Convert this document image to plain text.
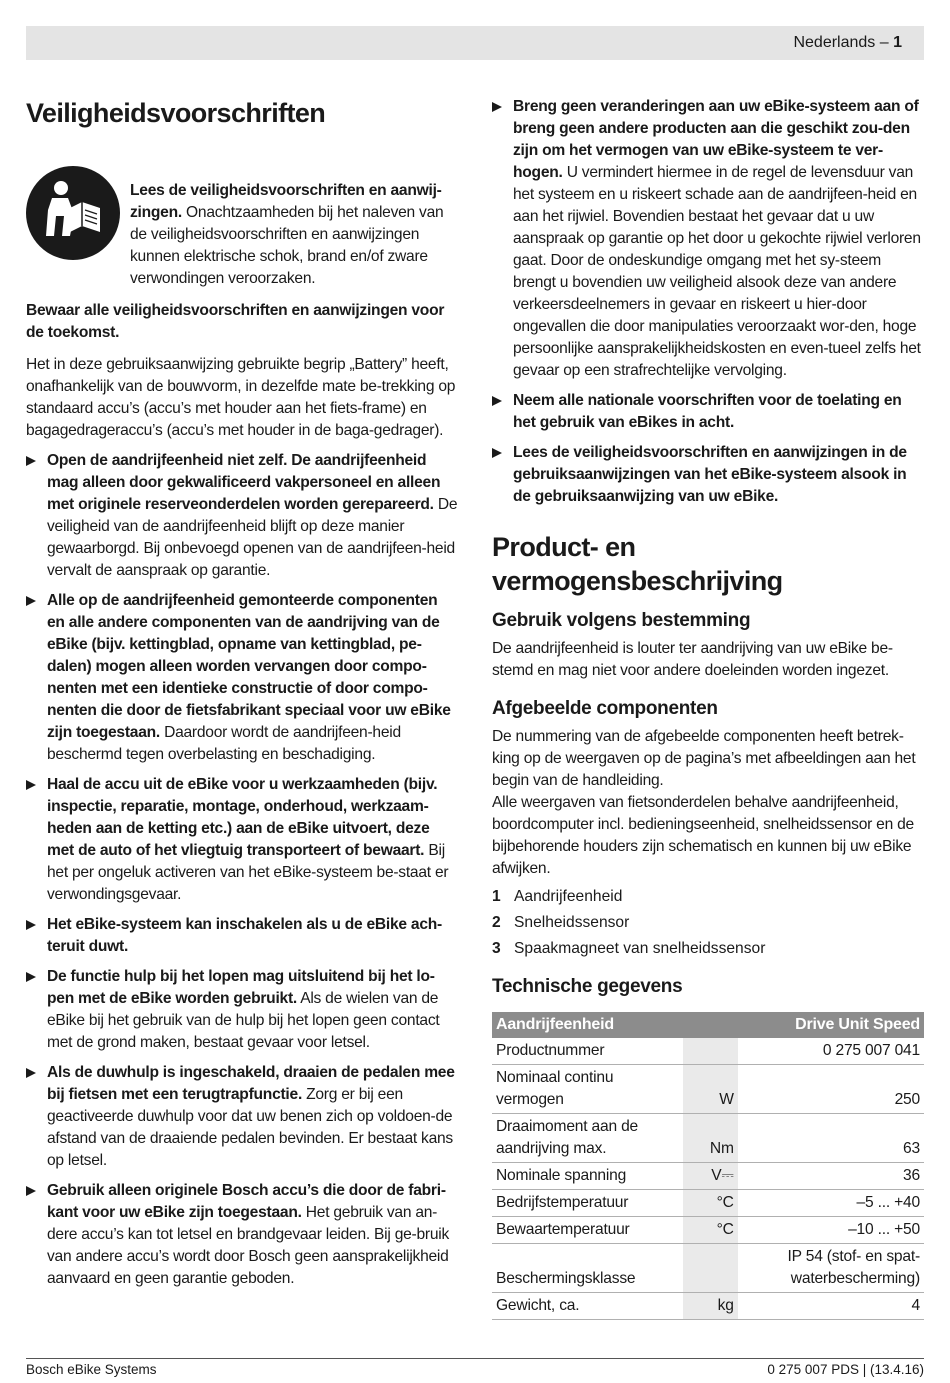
Nederlands – 1
Veiligheidsvoorschriften

Lees de veiligheidsvoorschriften en aanwij-zingen. Onachtzaamheden bij het naleven van de veiligheidsvoorschriften en aanwijzingen kunnen elektrische schok, brand en/of zware verwondingen veroorzaken.

Bewaar alle veiligheidsvoorschriften en aanwijzingen voor de toekomst.

Het in deze gebruiksaanwijzing gebruikte begrip „Battery” heeft, onafhankelijk van de bouwvorm, in dezelfde mate be-trekking op standaard accu’s (accu’s met houder aan het fiets-frame) en bagagedrageraccu’s (accu’s met houder in de baga-gedrager).

Open de aandrijfeenheid niet zelf. De aandrijfeenheid mag alleen door gekwalificeerd vakpersoneel en alleen met originele reserveonderdelen worden gerepareerd. De veiligheid van de aandrijfeenheid blijft op deze manier gewaarborgd. Bij onbevoegd openen van de aandrijfeen-heid vervalt de aanspraak op garantie.

Alle op de aandrijfeenheid gemonteerde componenten en alle andere componenten van de aandrijving van de eBike (bijv. kettingblad, opname van kettingblad, pe-dalen) mogen alleen worden vervangen door compo-nenten met een identieke constructie of door compo-nenten die door de fietsfabrikant speciaal voor uw eBike zijn toegestaan. Daardoor wordt de aandrijfeen-heid beschermd tegen overbelasting en beschadiging.

Haal de accu uit de eBike voor u werkzaamheden (bijv. inspectie, reparatie, montage, onderhoud, werkzaam-heden aan de ketting etc.) aan de eBike uitvoert, deze met de auto of het vliegtuig transporteert of bewaart. Bij het per ongeluk activeren van het eBike-systeem be-staat er verwondingsgevaar.

Het eBike-systeem kan inschakelen als u de eBike ach-teruit duwt.

De functie hulp bij het lopen mag uitsluitend bij het lo-pen met de eBike worden gebruikt. Als de wielen van de eBike bij het gebruik van de hulp bij het lopen geen contact met de grond maken, bestaat gevaar voor letsel.

Als de duwhulp is ingeschakeld, draaien de pedalen mee bij fietsen met een terugtrapfunctie. Zorg er bij een geactiveerde duwhulp voor dat uw benen zich op voldoen-de afstand van de draaiende pedalen bevinden. Er bestaat kans op letsel.

Gebruik alleen originele Bosch accu’s die door de fabri-kant voor uw eBike zijn toegestaan. Het gebruik van an-dere accu’s kan tot letsel en brandgevaar leiden. Bij ge-bruik van andere accu’s wordt door Bosch geen aansprakelijkheid aanvaard en geen garantie geboden.

Breng geen veranderingen aan uw eBike-systeem aan of breng geen andere producten aan die geschikt zou-den zijn om het vermogen van uw eBike-systeem te ver-hogen. U vermindert hiermee in de regel de levensduur van het systeem en u riskeert schade aan de aandrijfeen-heid en aan het rijwiel. Bovendien bestaat het gevaar dat u uw aanspraak op garantie op het door u gekochte rijwiel verloren gaat. Door de ondeskundige omgang met het sy-steem brengt u bovendien uw veiligheid alsook deze van andere verkeersdeelnemers in gevaar en riskeert u hier-door ongevallen die door manipulaties veroorzaakt wor-den, hoge persoonlijke aansprakelijkheidskosten en even-tueel zelfs het gevaar op een strafrechtelijke vervolging.

Neem alle nationale voorschriften voor de toelating en het gebruik van eBikes in acht.

Lees de veiligheidsvoorschriften en aanwijzingen in de gebruiksaanwijzingen van het eBike-systeem alsook in de gebruiksaanwijzing van uw eBike.

Product- en vermogensbeschrijving
Gebruik volgens bestemming

De aandrijfeenheid is louter ter aandrijving van uw eBike be-stemd en mag niet voor andere doeleinden worden ingezet.

Afgebeelde componenten

De nummering van de afgebeelde componenten heeft betrek-king op de weergaven op de pagina’s met afbeeldingen aan het begin van de handleiding.

Alle weergaven van fietsonderdelen behalve aandrijfeenheid, boordcomputer incl. bedieningseenheid, snelheidssensor en de bijbehorende houders zijn schematisch en kunnen bij uw eBike afwijken.

1 Aandrijfeenheid
2 Snelheidssensor
3 Spaakmagneet van snelheidssensor
Technische gegevens
Aandrijfeenheid		Drive Unit Speed
Productnummer		0 275 007 041
Nominaal continu vermogen	W	250
Draaimoment aan de aandrijving max.	Nm	63
Nominale spanning	V⎓	36
Bedrijfstemperatuur	°C	–5 ... +40
Bewaartemperatuur	°C	–10 ... +50
Beschermingsklasse		IP 54 (stof- en spat-waterbescherming)
Gewicht, ca.	kg	4
Bosch eBike Systems	0 275 007 PDS | (13.4.16)
